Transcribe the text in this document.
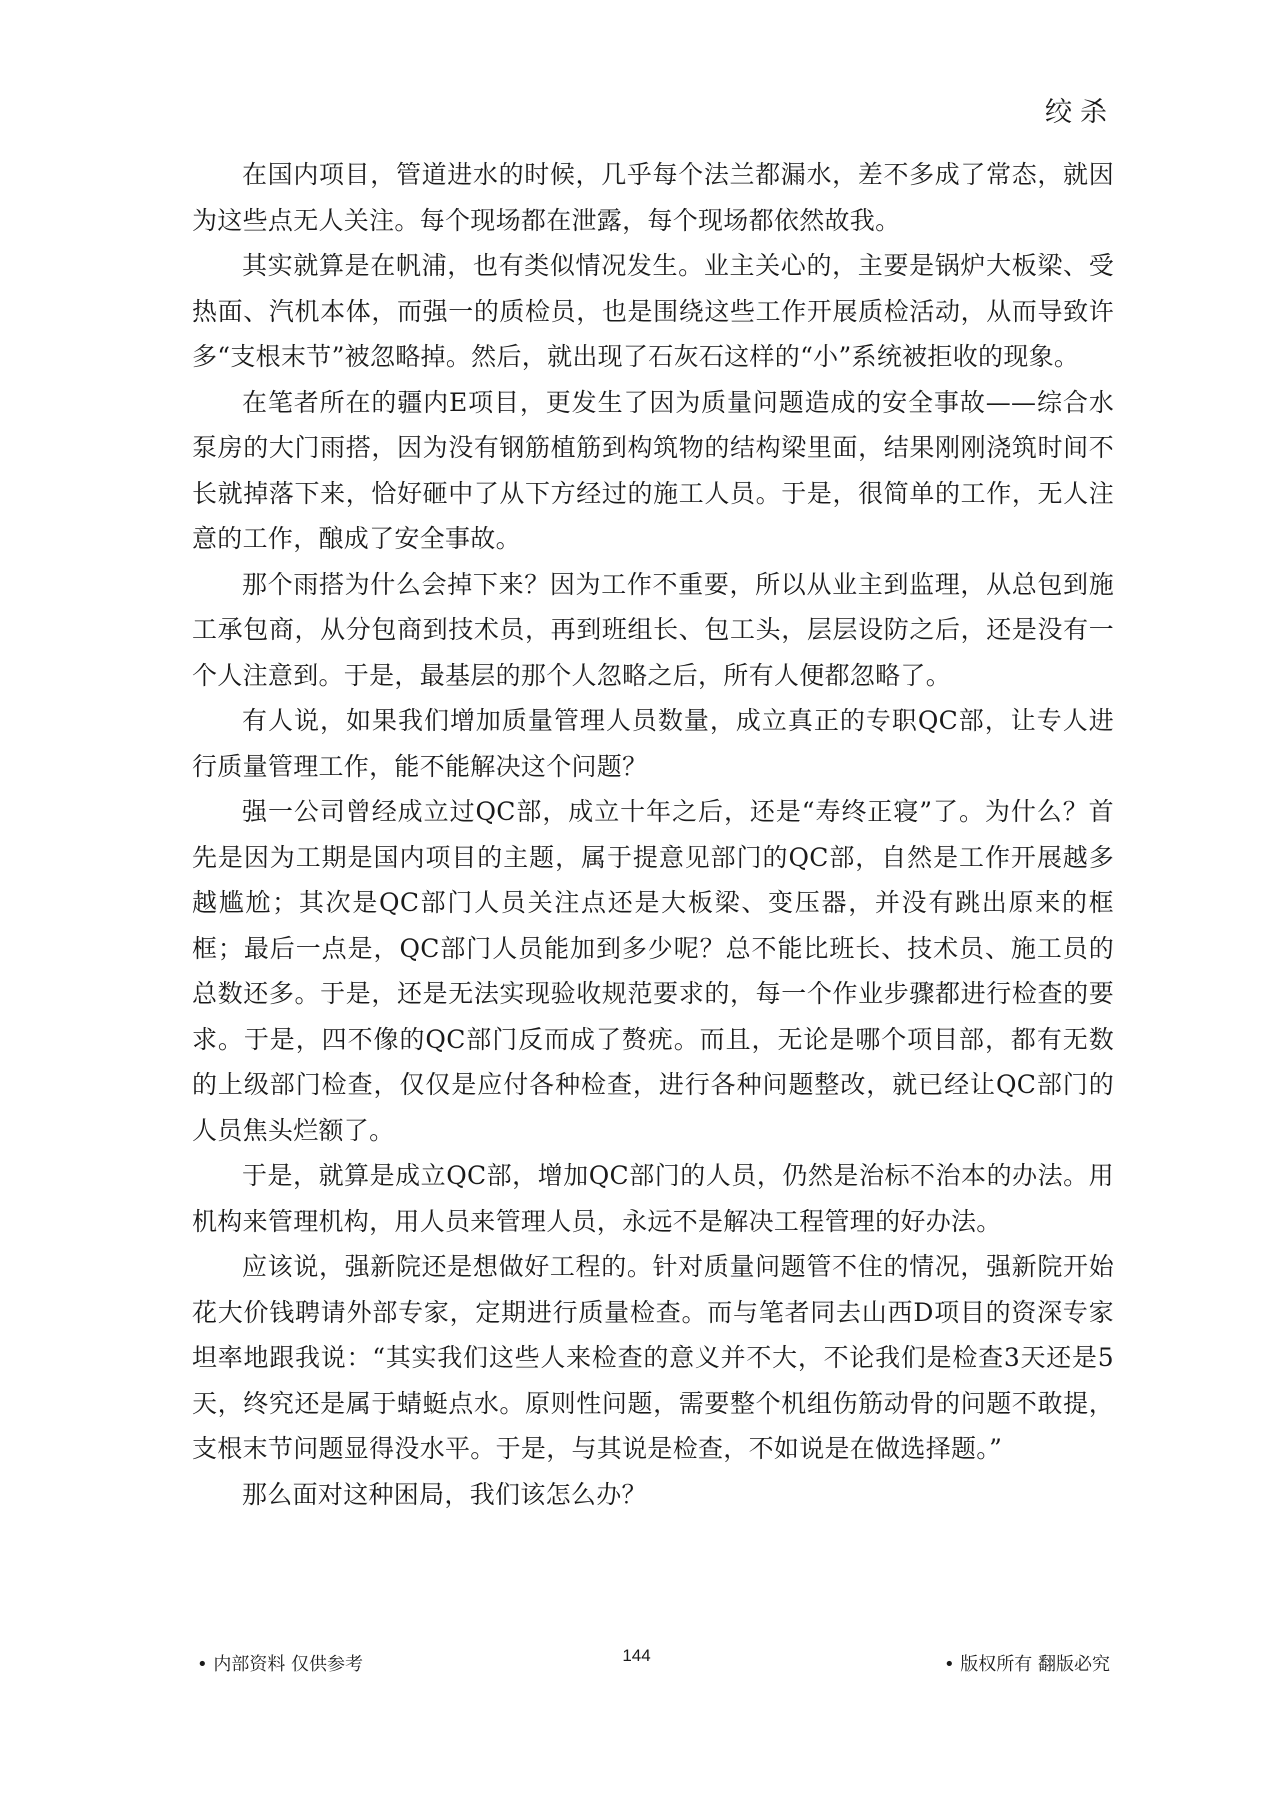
绞杀

在国内项目，管道进水的时候，几乎每个法兰都漏水，差不多成了常态，就因为这些点无人关注。每个现场都在泄露，每个现场都依然故我。

其实就算是在帆浦，也有类似情况发生。业主关心的，主要是锅炉大板梁、受热面、汽机本体，而强一的质检员，也是围绕这些工作开展质检活动，从而导致许多“支根末节”被忽略掉。然后，就出现了石灰石这样的“小”系统被拒收的现象。

在笔者所在的疆内E项目，更发生了因为质量问题造成的安全事故——综合水泵房的大门雨搭，因为没有钢筋植筋到构筑物的结构梁里面，结果刚刚浇筑时间不长就掉落下来，恰好砸中了从下方经过的施工人员。于是，很简单的工作，无人注意的工作，酿成了安全事故。

那个雨搭为什么会掉下来？因为工作不重要，所以从业主到监理，从总包到施工承包商，从分包商到技术员，再到班组长、包工头，层层设防之后，还是没有一个人注意到。于是，最基层的那个人忽略之后，所有人便都忽略了。

有人说，如果我们增加质量管理人员数量，成立真正的专职QC部，让专人进行质量管理工作，能不能解决这个问题？

强一公司曾经成立过QC部，成立十年之后，还是“寿终正寝”了。为什么？首先是因为工期是国内项目的主题，属于提意见部门的QC部，自然是工作开展越多越尴尬；其次是QC部门人员关注点还是大板梁、变压器，并没有跳出原来的框框；最后一点是，QC部门人员能加到多少呢？总不能比班长、技术员、施工员的总数还多。于是，还是无法实现验收规范要求的，每一个作业步骤都进行检查的要求。于是，四不像的QC部门反而成了赘疣。而且，无论是哪个项目部，都有无数的上级部门检查，仅仅是应付各种检查，进行各种问题整改，就已经让QC部门的人员焦头烂额了。

于是，就算是成立QC部，增加QC部门的人员，仍然是治标不治本的办法。用机构来管理机构，用人员来管理人员，永远不是解决工程管理的好办法。

应该说，强新院还是想做好工程的。针对质量问题管不住的情况，强新院开始花大价钱聘请外部专家，定期进行质量检查。而与笔者同去山西D项目的资深专家坦率地跟我说：“其实我们这些人来检查的意义并不大，不论我们是检查3天还是5天，终究还是属于蜻蜓点水。原则性问题，需要整个机组伤筋动骨的问题不敢提，支根末节问题显得没水平。于是，与其说是检查，不如说是在做选择题。”

那么面对这种困局，我们该怎么办？

• 内部资料 仅供参考	144	• 版权所有 翻版必究
